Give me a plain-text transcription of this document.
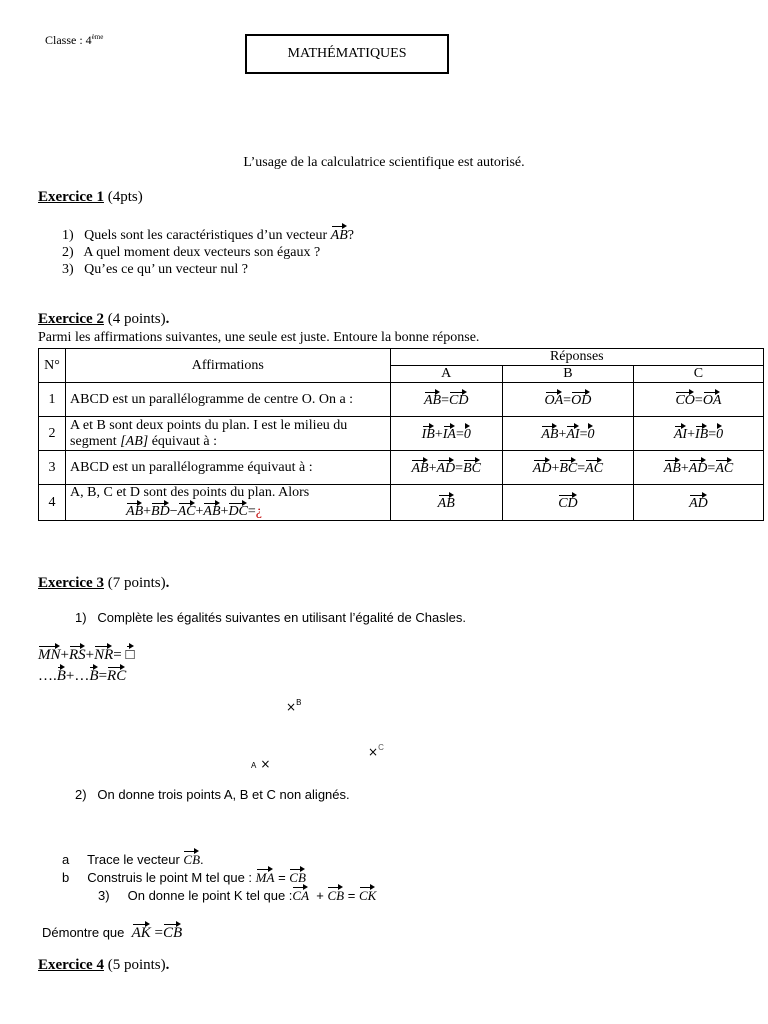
Classe : 4ème
MATHÉMATIQUES
L’usage de la calculatrice scientifique est autorisé.
Exercice 1 (4pts)
1)   Quels sont les caractéristiques d’un vecteur AB?
2)   A quel moment deux vecteurs son égaux ?
3)   Qu’es ce qu’ un vecteur nul ?
Exercice 2 (4 points).
Parmi les affirmations suivantes, une seule est juste. Entoure la bonne réponse.
N°	Affirmations	Réponses		
		A	B	C
1	ABCD est un parallélogramme de centre O. On a :	AB=CD	OA=OD	CO=OA
2	A et B sont deux points du plan. I est le milieu du
segment [AB] équivaut à :	IB+IA=0	AB+AI=0	AI+IB=0
3	ABCD est un parallélogramme équivaut à :	AB+AD=BC	AD+BC=AC	AB+AD=AC
4	A, B, C et D sont des points du plan. Alors
AB+BD−AC+AB+DC=¿	AB	CD	AD
Exercice 3 (7 points).
1)   Complète les égalités suivantes en utilisant l’égalité de Chasles.
MN+RS+NR= □
….B+…B=RC
×$^B$
×$^C$
A ×
2)   On donne trois points A, B et C non alignés.
a     Trace le vecteur CB.
b     Construis le point M tel que : MA = CB
3)     On donne le point K tel que :CA  + CB = CK
Démontre que AK =CB
Exercice 4 (5 points).
